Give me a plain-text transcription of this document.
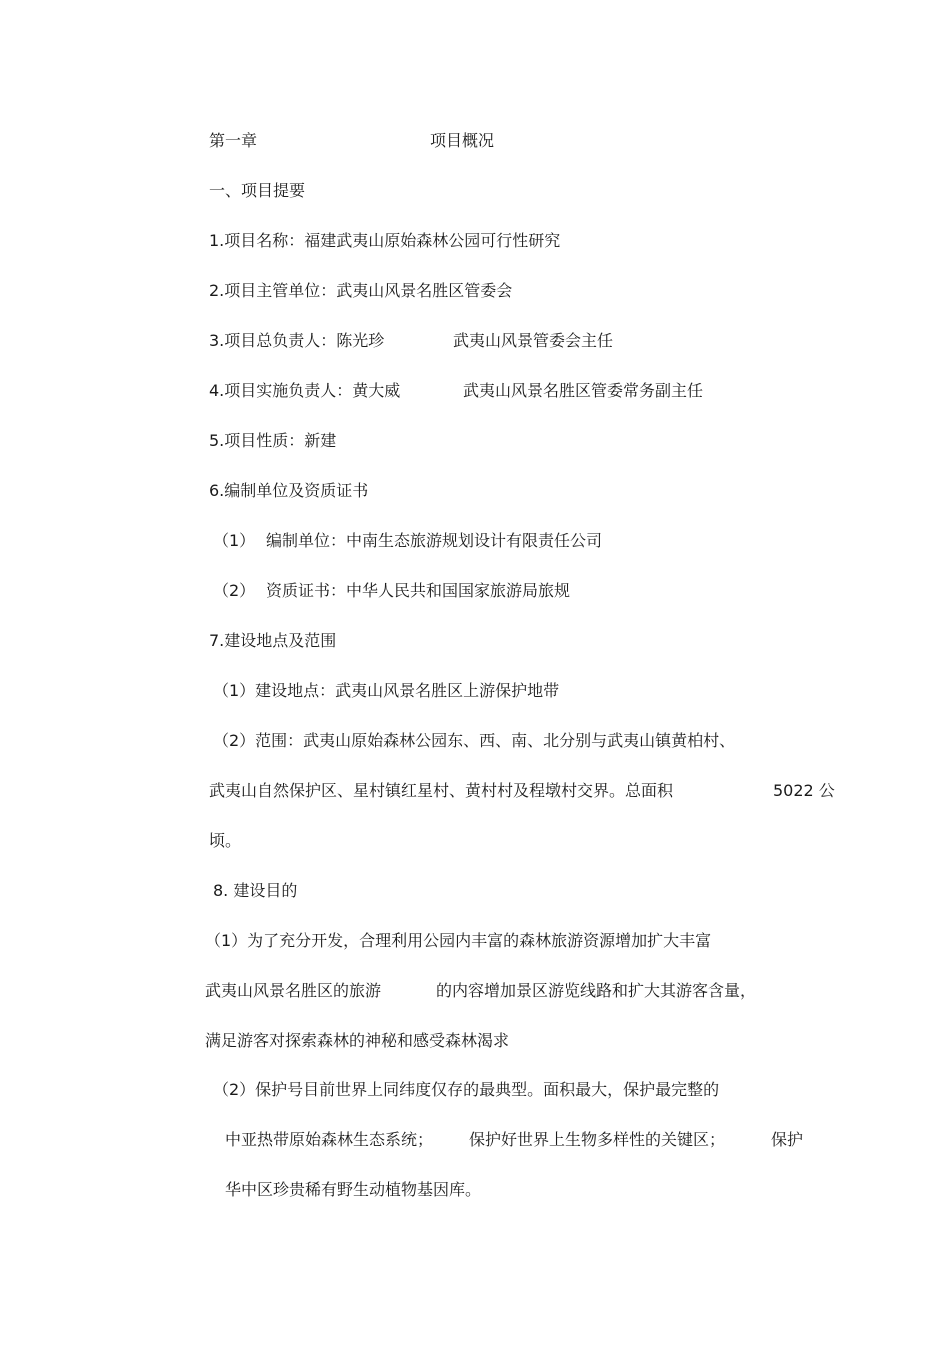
第一章	项目概况
一、项目提要
1.项目名称：福建武夷山原始森林公园可行性研究
2.项目主管单位：武夷山风景名胜区管委会
3.项目总负责人：陈光珍	武夷山风景管委会主任
4.项目实施负责人：黄大威	武夷山风景名胜区管委常务副主任
5.项目性质：新建
6.编制单位及资质证书
（1） 编制单位：中南生态旅游规划设计有限责任公司
（2） 资质证书：中华人民共和国国家旅游局旅规
7.建设地点及范围
（1）建设地点：武夷山风景名胜区上游保护地带
（2）范围：武夷山原始森林公园东、西、南、北分别与武夷山镇黄柏村、
武夷山自然保护区、星村镇红星村、黄村村及程墩村交界。总面积	5022 公
顷。
8. 建设目的
（1）为了充分开发，合理利用公园内丰富的森林旅游资源增加扩大丰富
武夷山风景名胜区的旅游	的内容增加景区游览线路和扩大其游客含量，
满足游客对探索森林的神秘和感受森林渴求
（2）保护号目前世界上同纬度仅存的最典型。面积最大，保护最完整的
中亚热带原始森林生态系统； 保护好世界上生物多样性的关键区；	保护
华中区珍贵稀有野生动植物基因库。
